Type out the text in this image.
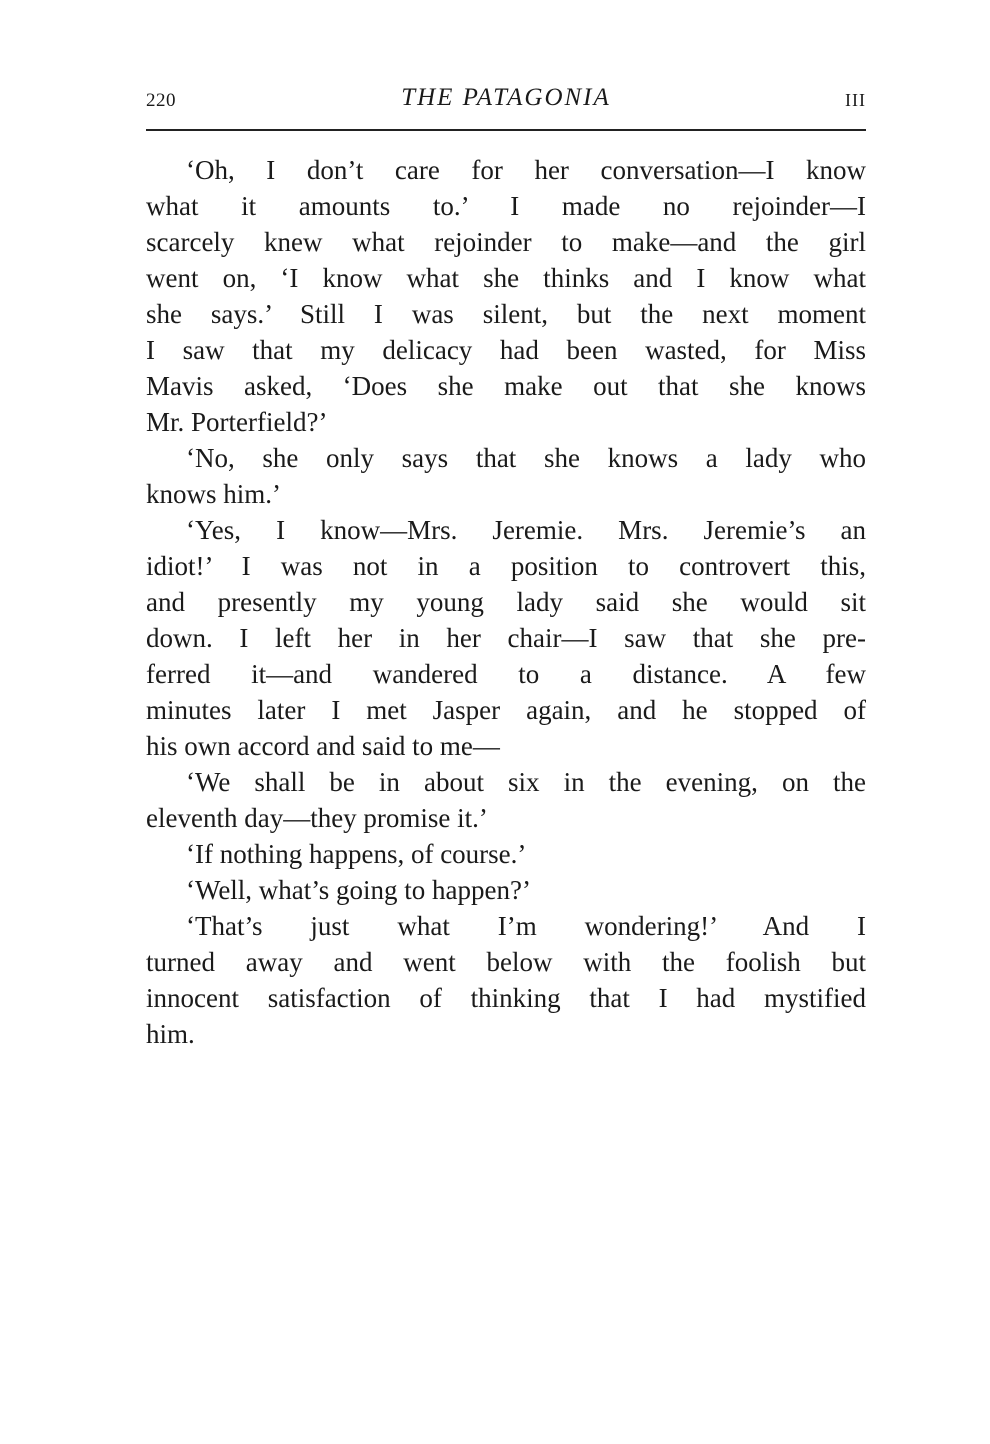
220	THE PATAGONIA	III
‘Oh, I don’t care for her conversation—I know
what it amounts to.’ I made no rejoinder—I
scarcely knew what rejoinder to make—and the girl
went on, ‘I know what she thinks and I know what
she says.’ Still I was silent, but the next moment
I saw that my delicacy had been wasted, for Miss
Mavis asked, ‘Does she make out that she knows
Mr. Porterfield?’
‘No, she only says that she knows a lady who
knows him.’
‘Yes, I know—Mrs. Jeremie. Mrs. Jeremie’s an
idiot!’ I was not in a position to controvert this,
and presently my young lady said she would sit
down. I left her in her chair—I saw that she pre-
ferred it—and wandered to a distance. A few
minutes later I met Jasper again, and he stopped of
his own accord and said to me—
‘We shall be in about six in the evening, on the
eleventh day—they promise it.’
‘If nothing happens, of course.’
‘Well, what’s going to happen?’
‘That’s just what I’m wondering!’ And I
turned away and went below with the foolish but
innocent satisfaction of thinking that I had mystified
him.
